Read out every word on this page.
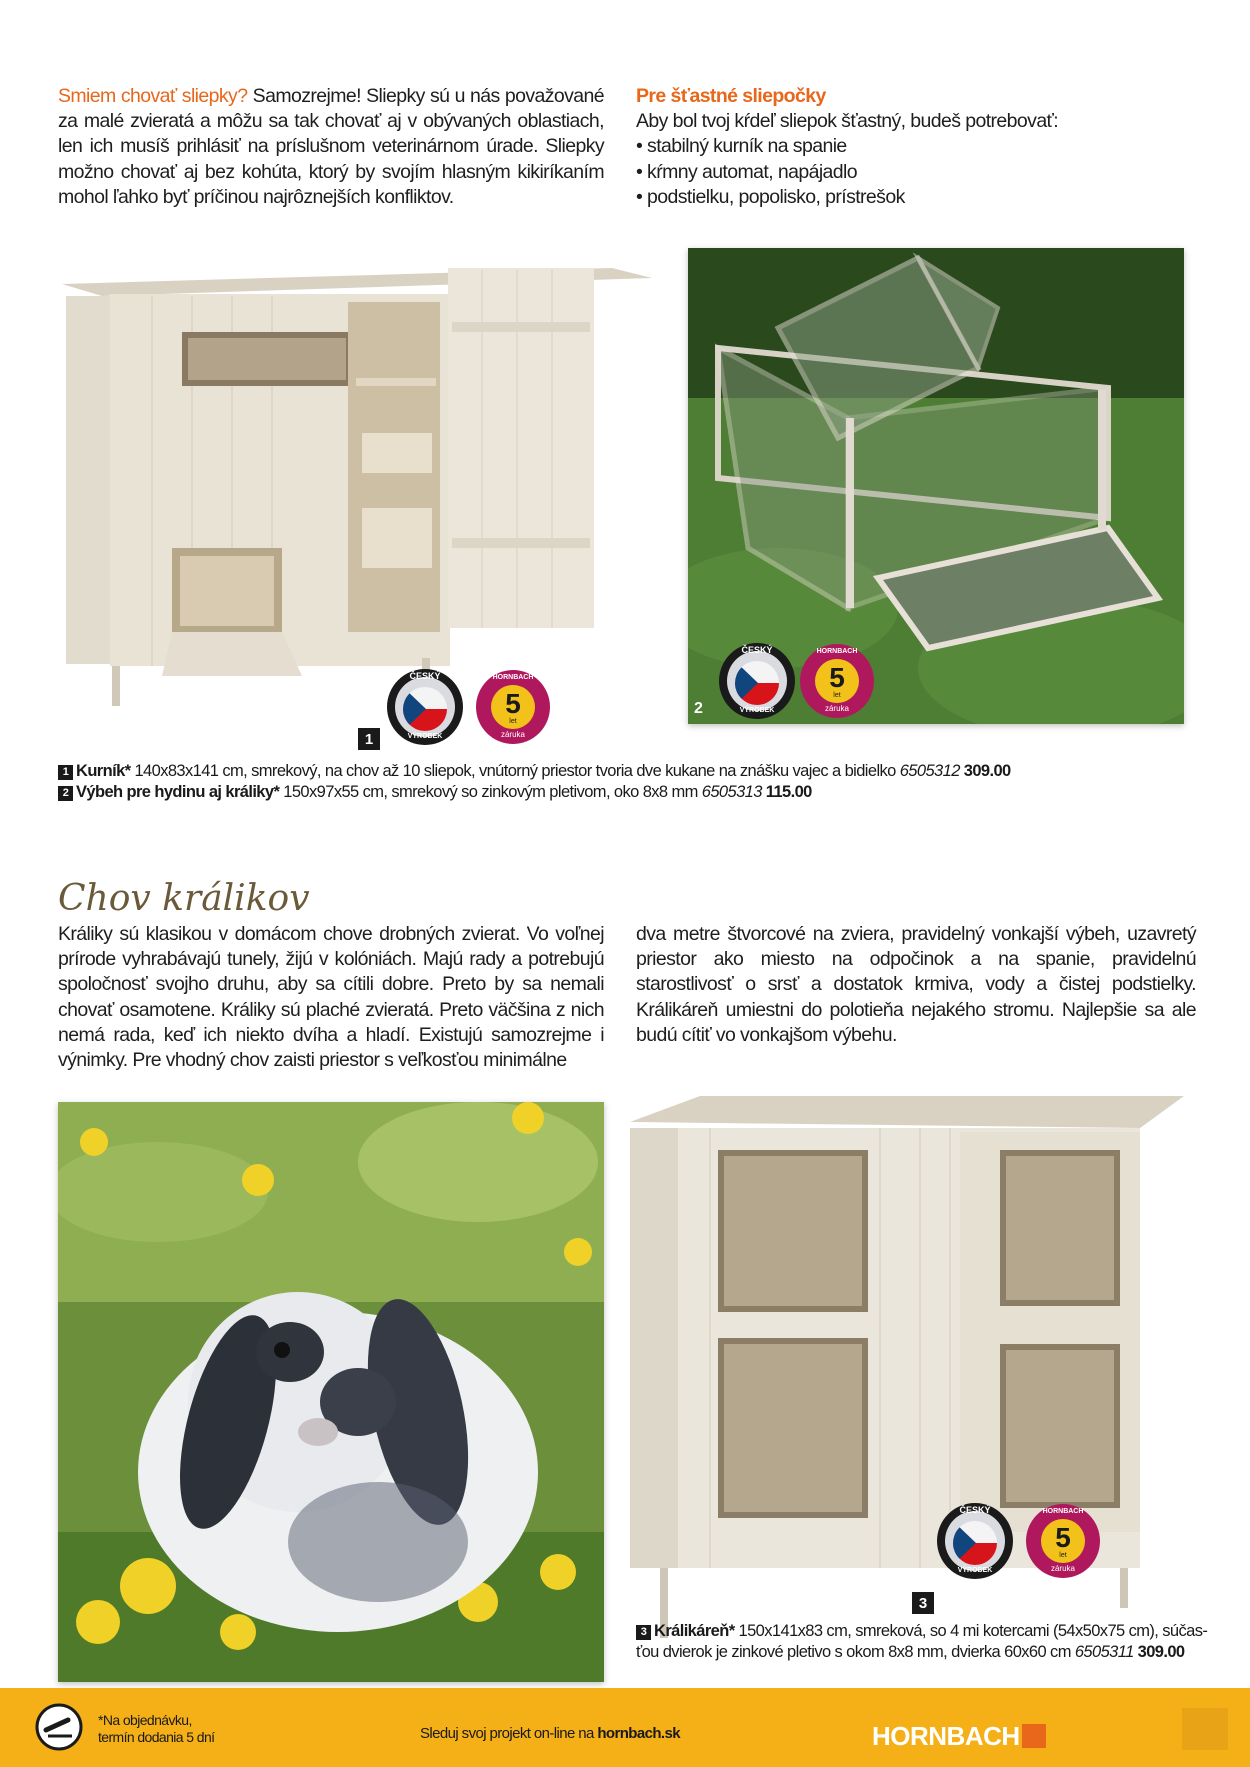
Smiem chovať sliepky? Samozrejme! Sliepky sú u nás považované za malé zvieratá a môžu sa tak chovať aj v obývaných oblastiach, len ich musíš prihlásiť na príslušnom veterinárnom úrade. Sliepky možno chovať aj bez kohúta, ktorý by svojím hlasným kikiríkaním mohol ľahko byť príčinou najrôznejších konfliktov.
Pre šťastné sliepočky
Aby bol tvoj kŕdeľ sliepok šťastný, budeš potrebovať:
• stabilný kurník na spanie
• kŕmny automat, napájadlo
• podstielku, popolisko, prístrešok
2
ČESKÝ
VÝROBEK
HORNBACH
5
let
záruka
ČESKÝ
VÝROBEK
HORNBACH
5
let
záruka
1
1 Kurník* 140x83x141 cm, smrekový, na chov až 10 sliepok, vnútorný priestor tvoria dve kukane na znášku vajec a bidielko 6505312 309.00
2 Výbeh pre hydinu aj králiky* 150x97x55 cm, smrekový so zinkovým pletivom, oko 8x8 mm 6505313 115.00
Chov králikov
Králiky sú klasikou v domácom chove drobných zvierat. Vo voľnej prírode vyhrabávajú tunely, žijú v kolóniách. Majú rady a potrebujú spoločnosť svojho druhu, aby sa cítili dobre. Preto by sa nemali chovať osamotene. Králiky sú plaché zvieratá. Preto väčšina z nich nemá rada, keď ich niekto dvíha a hladí. Existujú samozrejme i výnimky. Pre vhodný chov zaisti priestor s veľkosťou minimálne
dva metre štvorcové na zviera, pravidelný vonkajší výbeh, uzavretý priestor ako miesto na odpočinok a na spanie, pravidelnú starostlivosť o srsť a dostatok krmiva, vody a čistej podstielky. Králikáreň umiestni do polotieňa nejakého stromu. Najlepšie sa ale budú cítiť vo vonkajšom výbehu.
ČESKÝ
VÝROBEK
HORNBACH
5
let
záruka
3
3 Králikáreň* 150x141x83 cm, smreková, so 4 mi kotercami (54x50x75 cm), súčas-
ťou dvierok je zinkové pletivo s okom 8x8 mm, dvierka 60x60 cm 6505311 309.00
*Na objednávku,
termín dodania 5 dní	Sleduj svoj projekt on-line na hornbach.sk	HORNBACH
